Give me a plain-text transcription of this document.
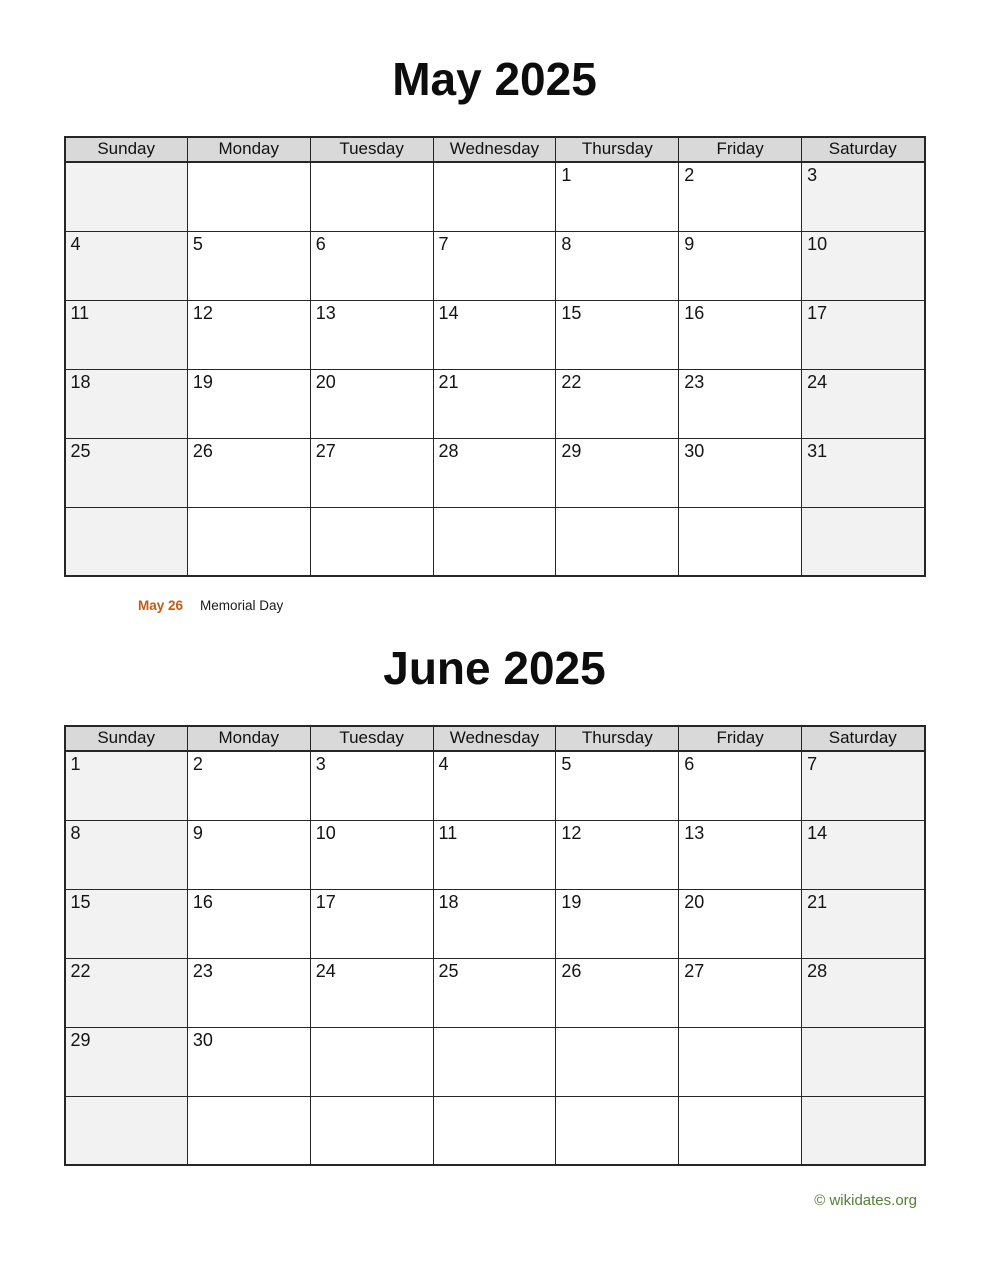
May 2025
Sunday	Monday	Tuesday	Wednesday	Thursday	Friday	Saturday
				1	2	3
4	5	6	7	8	9	10
11	12	13	14	15	16	17
18	19	20	21	22	23	24
25	26	27	28	29	30	31

May 26 Memorial Day
June 2025
Sunday	Monday	Tuesday	Wednesday	Thursday	Friday	Saturday
1	2	3	4	5	6	7
8	9	10	11	12	13	14
15	16	17	18	19	20	21
22	23	24	25	26	27	28
29	30					

© wikidates.org
